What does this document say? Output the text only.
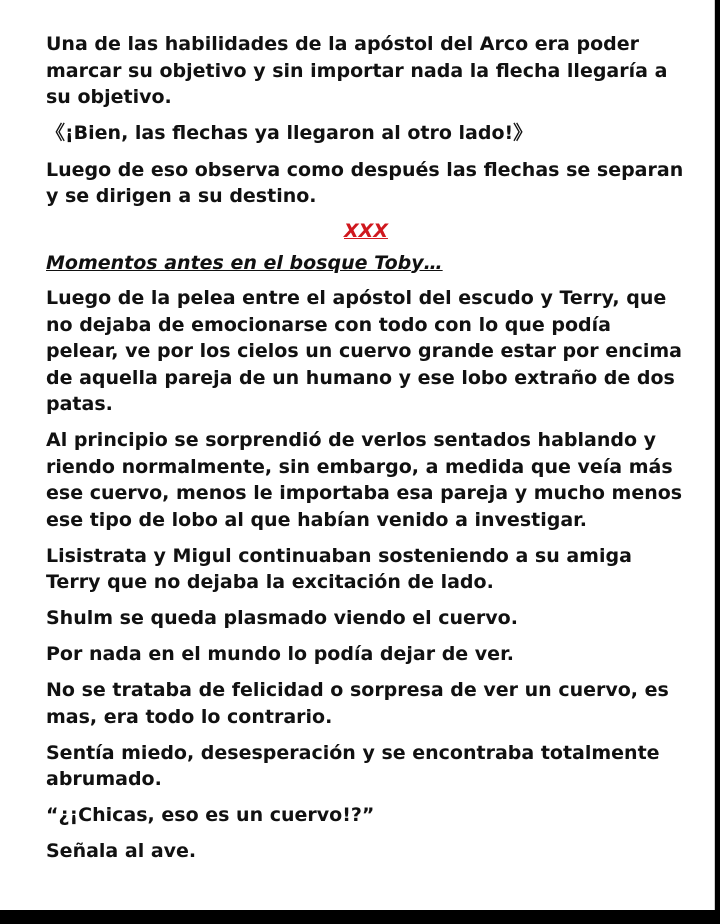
Una de las habilidades de la apóstol del Arco era poder marcar su objetivo y sin importar nada la flecha llegaría a su objetivo.

《¡Bien, las flechas ya llegaron al otro lado!》

Luego de eso observa como después las flechas se separan y se dirigen a su destino.

XXX
Momentos antes en el bosque Toby…

Luego de la pelea entre el apóstol del escudo y Terry, que no dejaba de emocionarse con todo con lo que podía pelear, ve por los cielos un cuervo grande estar por encima de aquella pareja de un humano y ese lobo extraño de dos patas.

Al principio se sorprendió de verlos sentados hablando y riendo normalmente, sin embargo, a medida que veía más ese cuervo, menos le importaba esa pareja y mucho menos ese tipo de lobo al que habían venido a investigar.

Lisistrata y Migul continuaban sosteniendo a su amiga Terry que no dejaba la excitación de lado.

Shulm se queda plasmado viendo el cuervo.

Por nada en el mundo lo podía dejar de ver.

No se trataba de felicidad o sorpresa de ver un cuervo, es mas, era todo lo contrario.

Sentía miedo, desesperación y se encontraba totalmente abrumado.

“¿¡Chicas, eso es un cuervo!?”

Señala al ave.
